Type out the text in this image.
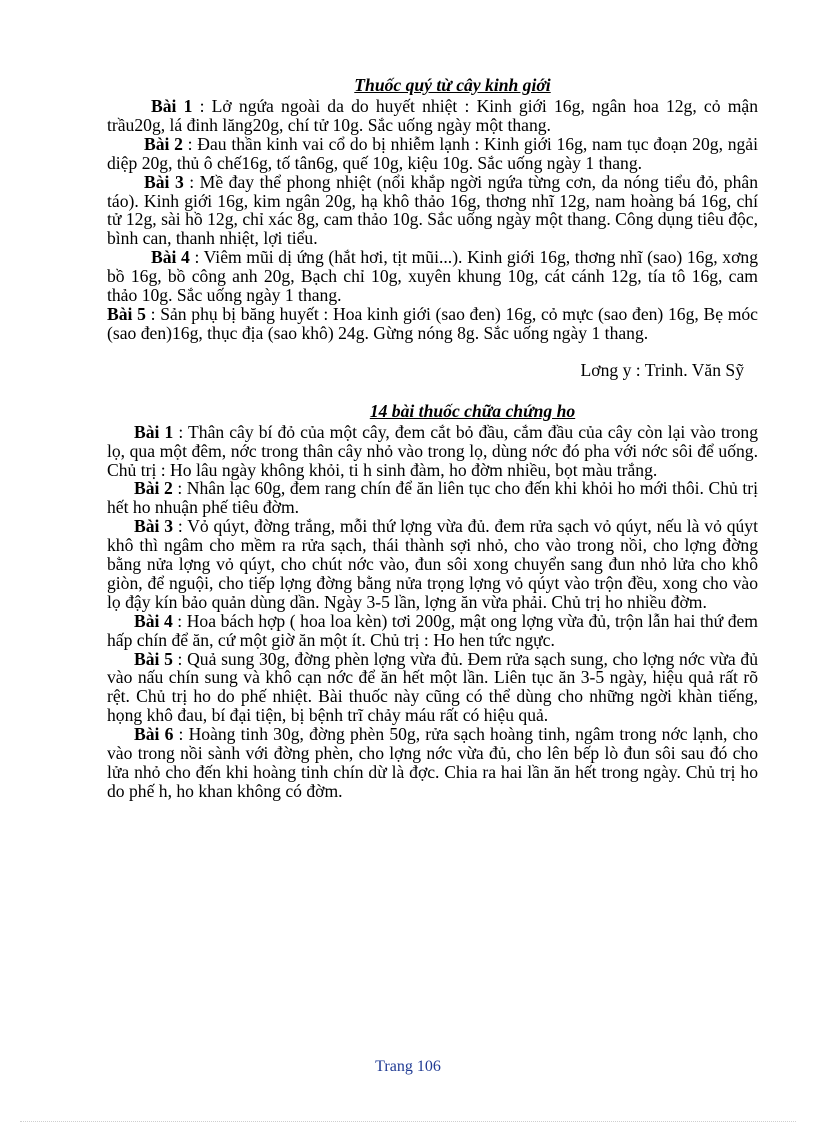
Thuốc quý từ cây kinh giới

Bài 1 : Lở ngứa ngoài da do huyết nhiệt : Kinh giới 16g, ngân hoa 12g, cỏ mận trầu20g, lá đinh lăng20g, chí tử 10g. Sắc uống ngày một thang.

Bài 2 : Đau thần kinh vai cổ do bị nhiễm lạnh : Kinh giới 16g, nam tục đoạn 20g, ngải diệp 20g, thủ ô chế16g, tố tân6g, quế 10g, kiệu 10g. Sắc uống ngày 1 thang.

Bài 3 : Mề đay thể phong nhiệt (nổi khắp ngời ngứa từng cơn, da nóng tiểu đỏ, phân táo). Kinh giới 16g, kim ngân 20g, hạ khô thảo 16g, thơng nhĩ 12g, nam hoàng bá 16g, chí tử 12g, sài hồ 12g, chỉ xác 8g, cam thảo 10g. Sắc uống ngày một thang. Công dụng tiêu độc, bình can, thanh nhiệt, lợi tiểu.

Bài 4 : Viêm mũi dị ứng (hắt hơi, tịt mũi...). Kinh giới 16g, thơng nhĩ (sao) 16g, xơng bồ 16g, bồ công anh 20g, Bạch chỉ 10g, xuyên khung 10g, cát cánh 12g, tía tô 16g, cam thảo 10g. Sắc uống ngày 1 thang.

Bài 5 : Sản phụ bị băng huyết : Hoa kinh giới (sao đen) 16g, cỏ mực (sao đen) 16g, Bẹ móc (sao đen)16g, thục địa (sao khô) 24g. Gừng nóng 8g. Sắc uống ngày 1 thang.

Lơng y : Trinh. Văn Sỹ
14 bài thuốc chữa chứng ho

Bài 1 : Thân cây bí đỏ của một cây, đem cắt bỏ đầu, cắm đầu của cây còn lại vào trong lọ, qua một đêm, nớc trong thân cây nhỏ vào trong lọ, dùng nớc đó pha với nớc sôi để uống. Chủ trị : Ho lâu ngày không khỏi, ti h sinh đàm, ho đờm nhiều, bọt màu trắng.

Bài 2 : Nhân lạc 60g, đem rang chín để ăn liên tục cho đến khi khỏi ho mới thôi. Chủ trị hết ho nhuận phế tiêu đờm.

Bài 3 : Vỏ qúyt, đờng trắng, mỗi thứ lợng vừa đủ. đem rửa sạch vỏ qúyt, nếu là vỏ qúyt khô thì ngâm cho mềm ra rửa sạch, thái thành sợi nhỏ, cho vào trong nồi, cho lợng đờng bằng nửa lợng vỏ qúyt, cho chút nớc vào, đun sôi xong chuyển sang đun nhỏ lửa cho khô giòn, để nguội, cho tiếp lợng đờng bằng nửa trọng lợng vỏ qúyt vào trộn đều, xong cho vào lọ đậy kín bảo quản dùng dần. Ngày 3-5 lần, lợng ăn vừa phải. Chủ trị ho nhiều đờm.

Bài 4 : Hoa bách hợp ( hoa loa kèn) tơi 200g, mật ong lợng vừa đủ, trộn lẫn hai thứ đem hấp chín để ăn, cứ một giờ ăn một ít. Chủ trị : Ho hen tức ngực.

Bài 5 : Quả sung 30g, đờng phèn lợng vừa đủ. Đem rửa sạch sung, cho lợng nớc vừa đủ vào nấu chín sung và khô cạn nớc để ăn hết một lần. Liên tục ăn 3-5 ngày, hiệu quả rất rõ rệt. Chủ trị ho do phế nhiệt. Bài thuốc này cũng có thể dùng cho những ngời khàn tiếng, họng khô đau, bí đại tiện, bị bệnh trĩ chảy máu rất có hiệu quả.

Bài 6 : Hoàng tinh 30g, đờng phèn 50g, rửa sạch hoàng tinh, ngâm trong nớc lạnh, cho vào trong nồi sành với đờng phèn, cho lợng nớc vừa đủ, cho lên bếp lò đun sôi sau đó cho lửa nhỏ cho đến khi hoàng tinh chín dừ là đợc. Chia ra hai lần ăn hết trong ngày. Chủ trị ho do phế h, ho khan không có đờm.

Trang 106
